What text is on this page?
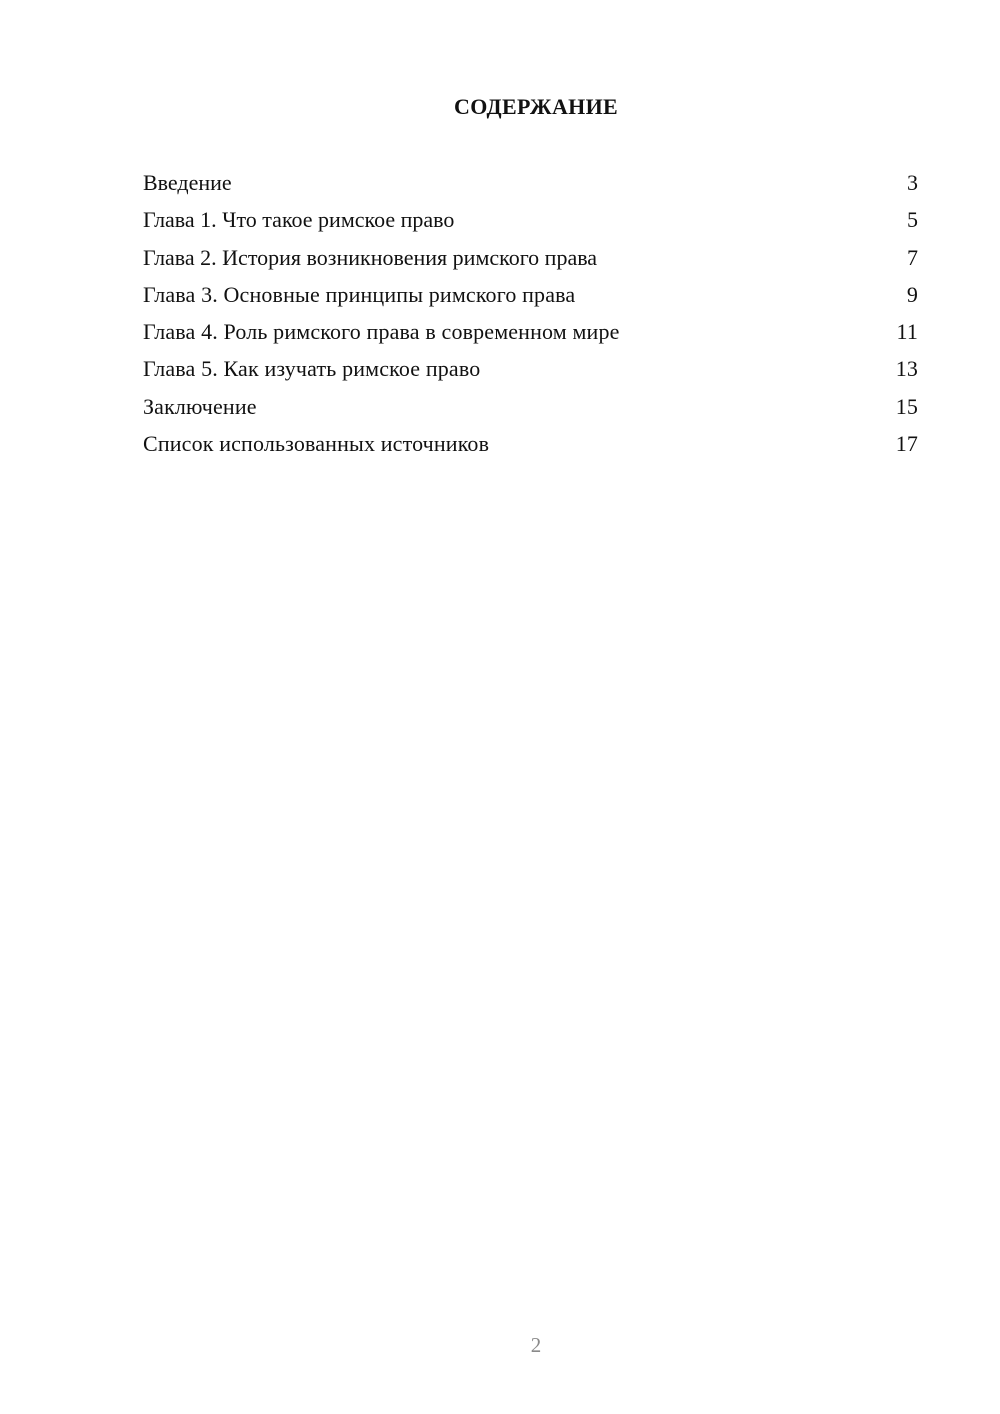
СОДЕРЖАНИЕ
Введение	3
Глава 1. Что такое римское право	5
Глава 2. История возникновения римского права	7
Глава 3. Основные принципы римского права	9
Глава 4. Роль римского права в современном мире	11
Глава 5. Как изучать римское право	13
Заключение	15
Список использованных источников	17
2
